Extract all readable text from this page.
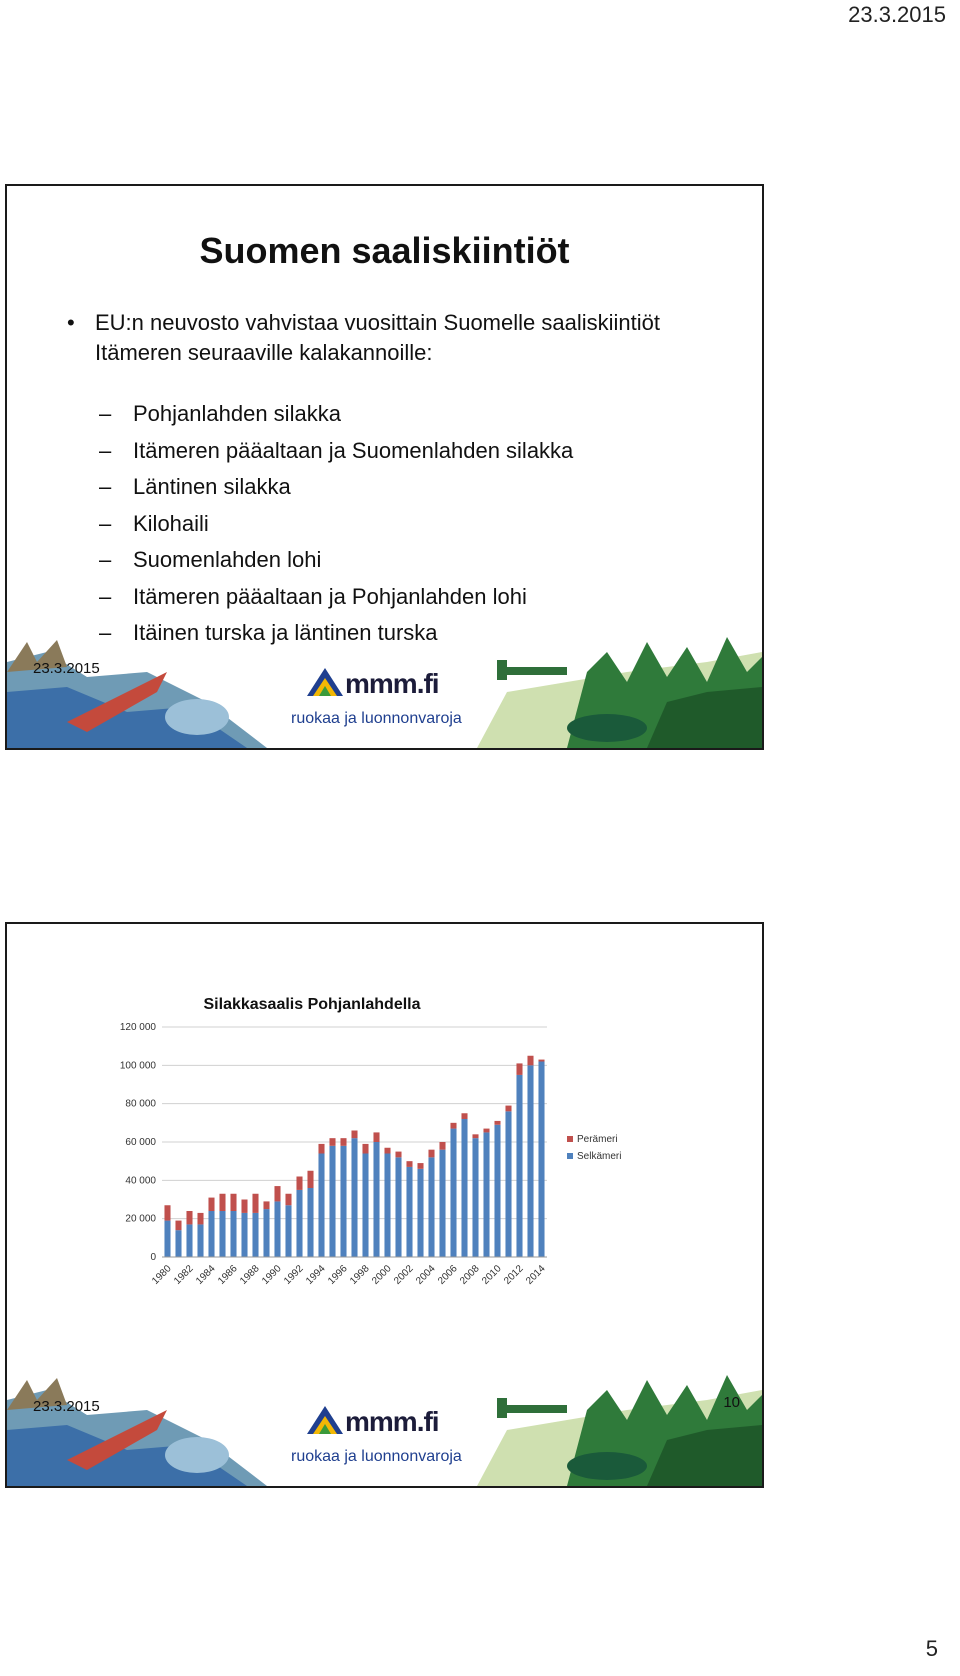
23.3.2015
Suomen saaliskiintiöt
• EU:n neuvosto vahvistaa vuosittain Suomelle saaliskiintiöt Itämeren seuraaville kalakannoille:
– Pohjanlahden silakka
– Itämeren pääaltaan ja Suomenlahden silakka
– Läntinen silakka
– Kilohaili
– Suomenlahden lohi
– Itämeren pääaltaan ja Pohjanlahden lohi
– Itäinen turska ja läntinen turska
23.3.2015	mmm.fi
ruokaa ja luonnonvaroja
Silakkasaalis Pohjanlahdella
0
20 000
40 000
60 000
80 000
100 000
120 000
1980
1982
1984
1986
1988
1990
1992
1994
1996
1998
2000
2002
2004
2006
2008
2010
2012
2014
Perämeri
Selkämeri
23.3.2015	10
mmm.fi
ruokaa ja luonnonvaroja
5
